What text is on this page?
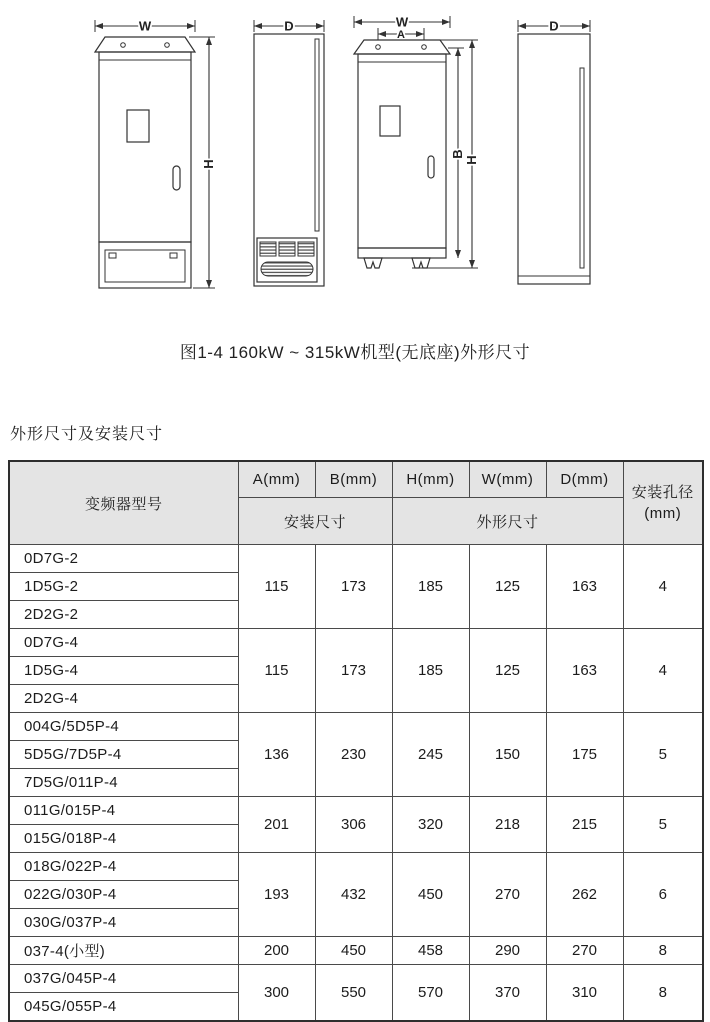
W
H
D	W
A
B
H
D
图1-4 160kW ~ 315kW机型(无底座)外形尺寸
外形尺寸及安装尺寸
变频器型号	A(mm)	B(mm)	H(mm)	W(mm)	D(mm)	安装孔径
(mm)
	安装尺寸		外形尺寸			
0D7G-2	115	173	185	125	163	4
1D5G-2						
2D2G-2						
0D7G-4	115	173	185	125	163	4
1D5G-4						
2D2G-4						
004G/5D5P-4	136	230	245	150	175	5
5D5G/7D5P-4						
7D5G/011P-4						
011G/015P-4	201	306	320	218	215	5
015G/018P-4						
018G/022P-4	193	432	450	270	262	6
022G/030P-4						
030G/037P-4						
037-4(小型)	200	450	458	290	270	8
037G/045P-4	300	550	570	370	310	8
045G/055P-4						
